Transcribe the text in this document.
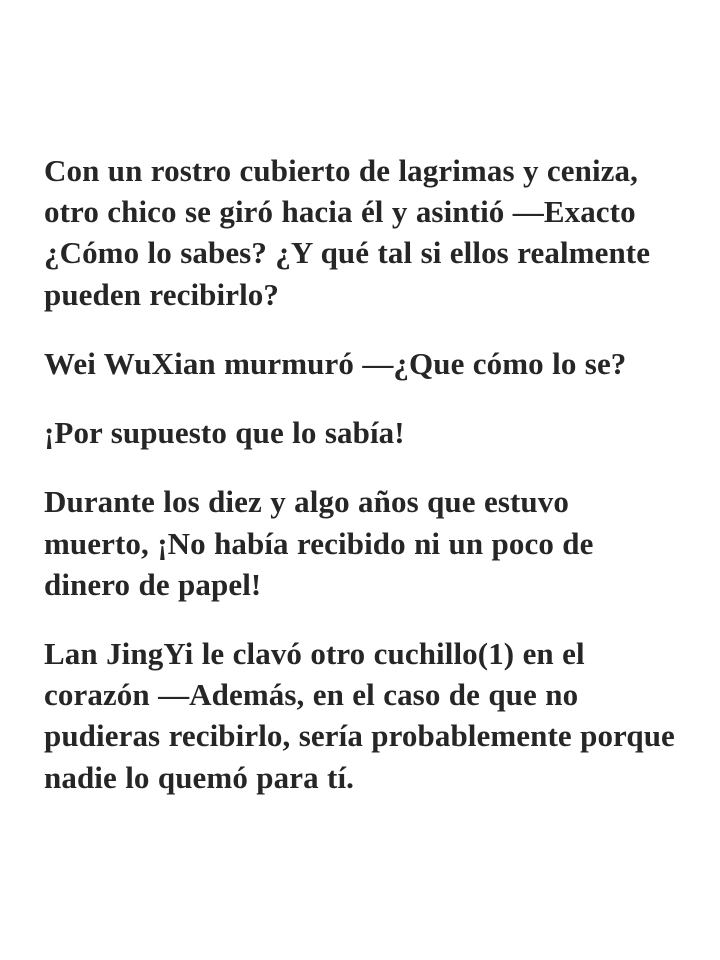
Con un rostro cubierto de lagrimas y ceniza, otro chico se giró hacia él y asintió —Exacto ¿Cómo lo sabes? ¿Y qué tal si ellos realmente pueden recibirlo?

Wei WuXian murmuró —¿Que cómo lo se?

¡Por supuesto que lo sabía!

Durante los diez y algo años que estuvo muerto, ¡No había recibido ni un poco de dinero de papel!

Lan JingYi le clavó otro cuchillo(1) en el corazón —Además, en el caso de que no pudieras recibirlo, sería probablemente porque nadie lo quemó para tí.
